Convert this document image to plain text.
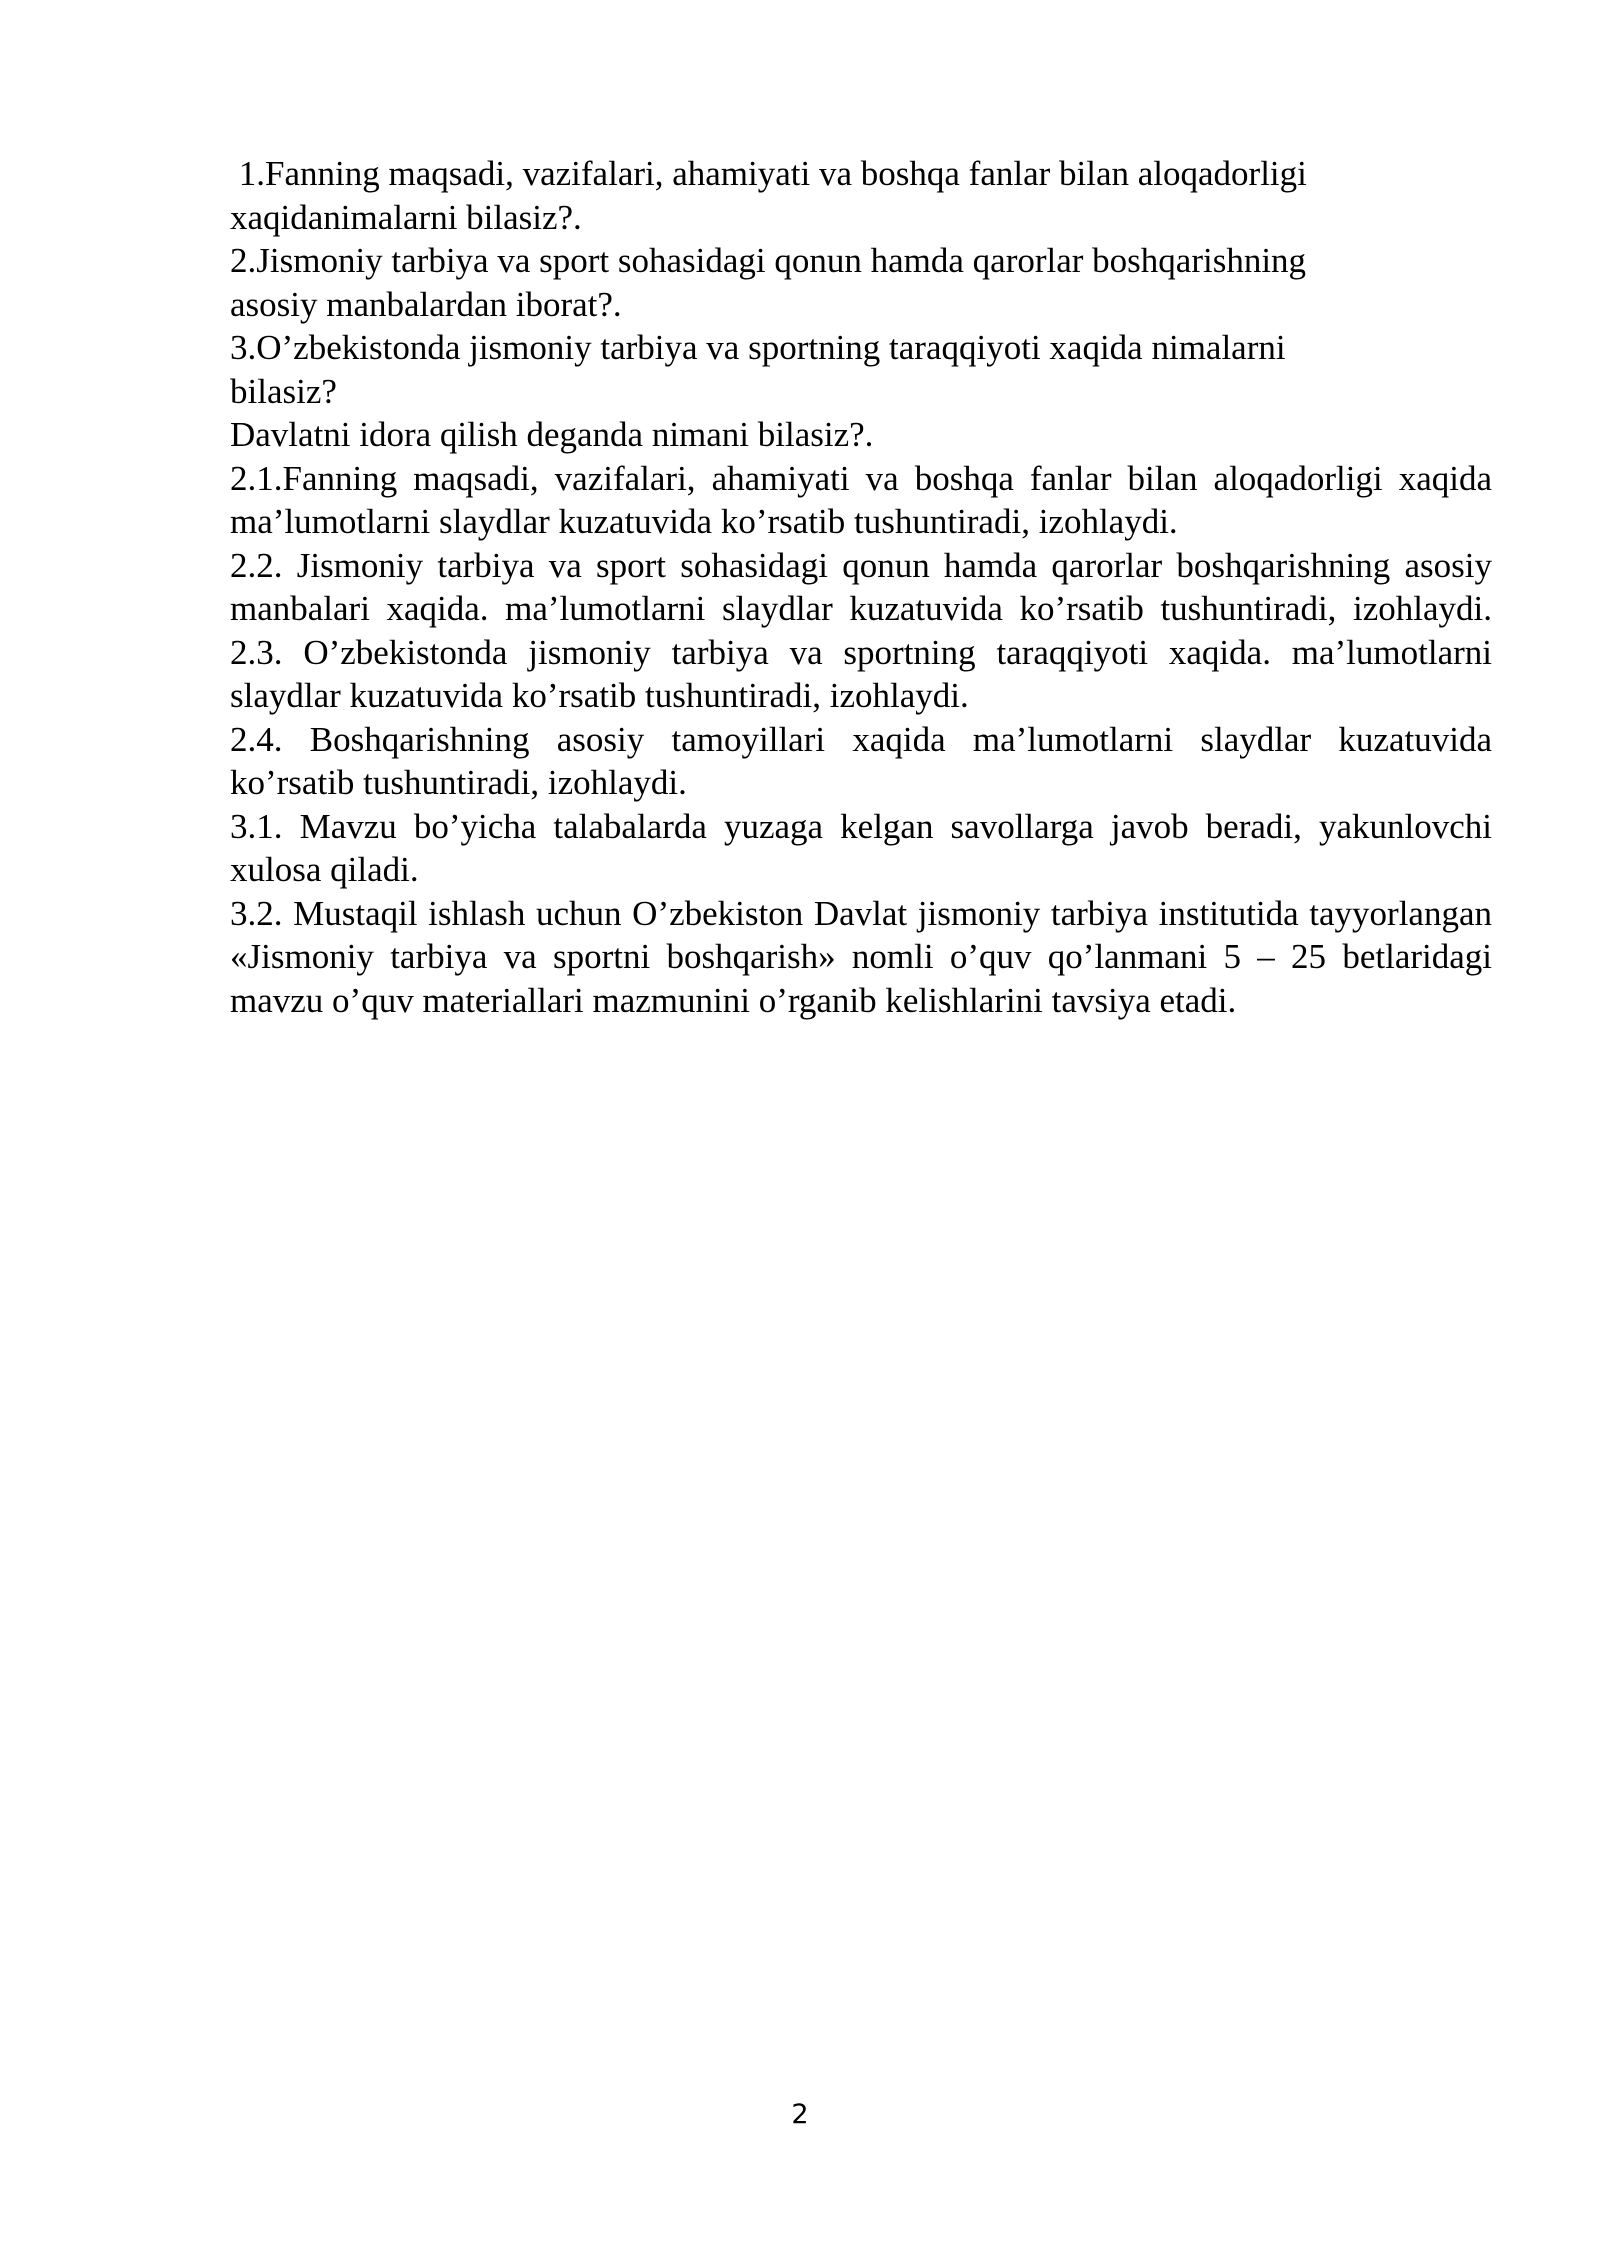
1.Fanning maqsadi, vazifalari, ahamiyati va boshqa fanlar bilan aloqadorligi

xaqidanimalarni bilasiz?.

2.Jismoniy tarbiya va sport sohasidagi qonun hamda qarorlar boshqarishning

asosiy manbalardan iborat?.

3.O’zbekistonda jismoniy tarbiya va sportning taraqqiyoti xaqida nimalarni

bilasiz?

Davlatni idora qilish deganda nimani bilasiz?.

2.1.Fanning maqsadi, vazifalari, ahamiyati va boshqa fanlar bilan aloqadorligi xaqida ma’lumotlarni slaydlar kuzatuvida ko’rsatib tushuntiradi, izohlaydi.

2.2. Jismoniy tarbiya va sport sohasidagi qonun hamda qarorlar boshqarishning asosiy manbalari xaqida. ma’lumotlarni slaydlar kuzatuvida ko’rsatib tushuntiradi, izohlaydi. 2.3. O’zbekistonda jismoniy tarbiya va sportning taraqqiyoti xaqida. ma’lumotlarni slaydlar kuzatuvida ko’rsatib tushuntiradi, izohlaydi.

2.4. Boshqarishning asosiy tamoyillari xaqida ma’lumotlarni slaydlar kuzatuvida ko’rsatib tushuntiradi, izohlaydi.

3.1. Mavzu bo’yicha talabalarda yuzaga kelgan savollarga javob beradi, yakunlovchi xulosa qiladi.

3.2. Mustaqil ishlash uchun O’zbekiston Davlat jismoniy tarbiya institutida tayyorlangan «Jismoniy tarbiya va sportni boshqarish» nomli o’quv qo’lanmani 5 – 25 betlaridagi mavzu o’quv materiallari mazmunini o’rganib kelishlarini tavsiya etadi.

2
